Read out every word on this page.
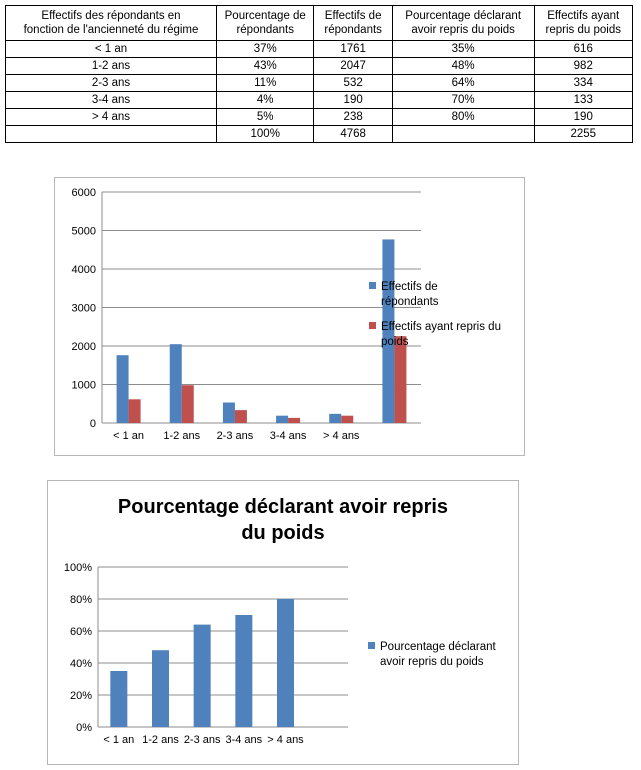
Effectifs des répondants en
fonction de l'ancienneté du régime	Pourcentage de
répondants	Effectifs de
répondants	Pourcentage déclarant
avoir repris du poids	Effectifs ayant
repris du poids
< 1 an	37%	1761	35%	616
1-2 ans	43%	2047	48%	982
2-3 ans	11%	532	64%	334
3-4 ans	4%	190	70%	133
> 4 ans	5%	238	80%	190
	100%	4768		2255
0
1000
2000
3000
4000
5000
6000
< 1 an 1-2 ans 2-3 ans 3-4 ans > 4 ans
Effectifs de
répondants
Effectifs ayant repris du
poids
Pourcentage déclarant avoir repris
du poids
0%
20%
40%
60%
80%
100%
< 1 an 1-2 ans 2-3 ans 3-4 ans > 4 ans
Pourcentage déclarant
avoir repris du poids
